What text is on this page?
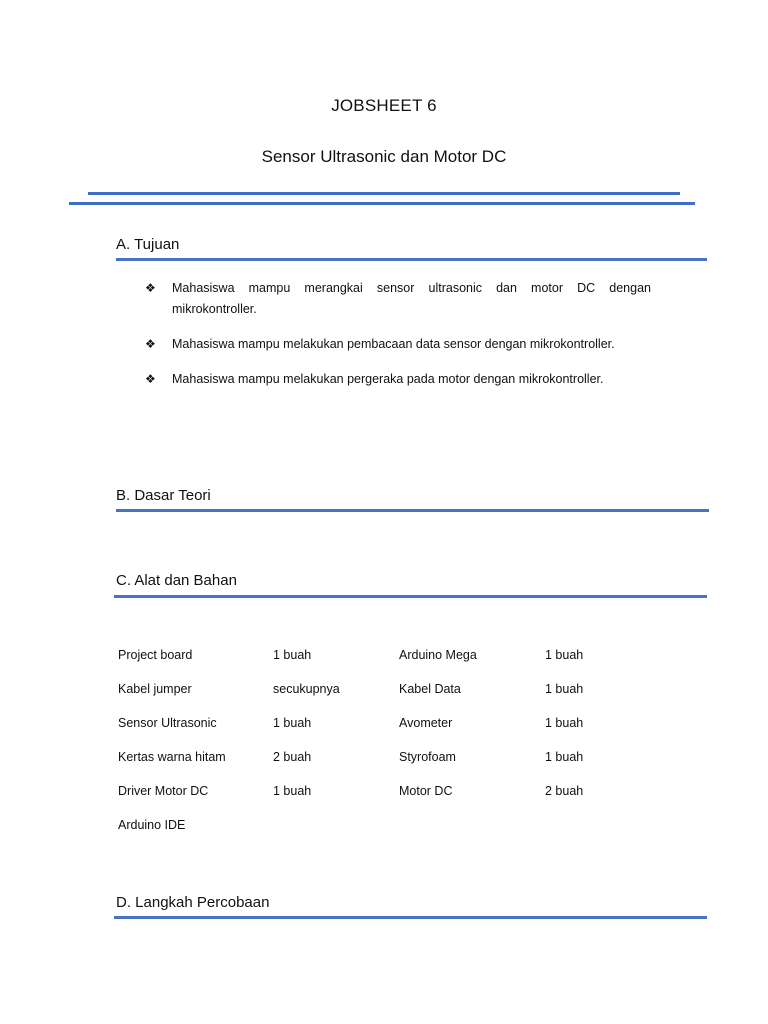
JOBSHEET 6
Sensor Ultrasonic dan Motor DC
A. Tujuan
❖ Mahasiswa mampu merangkai sensor ultrasonic dan motor DC dengan mikrokontroller.
❖ Mahasiswa mampu melakukan pembacaan data sensor dengan mikrokontroller.
❖ Mahasiswa mampu melakukan pergeraka pada motor dengan mikrokontroller.
B. Dasar Teori
C. Alat dan Bahan
Project board	1 buah	Arduino Mega	1 buah
Kabel jumper	secukupnya	Kabel Data	1 buah
Sensor Ultrasonic	1 buah	Avometer	1 buah
Kertas warna hitam	2 buah	Styrofoam	1 buah
Driver Motor DC	1 buah	Motor DC	2 buah
Arduino IDE
D. Langkah Percobaan
